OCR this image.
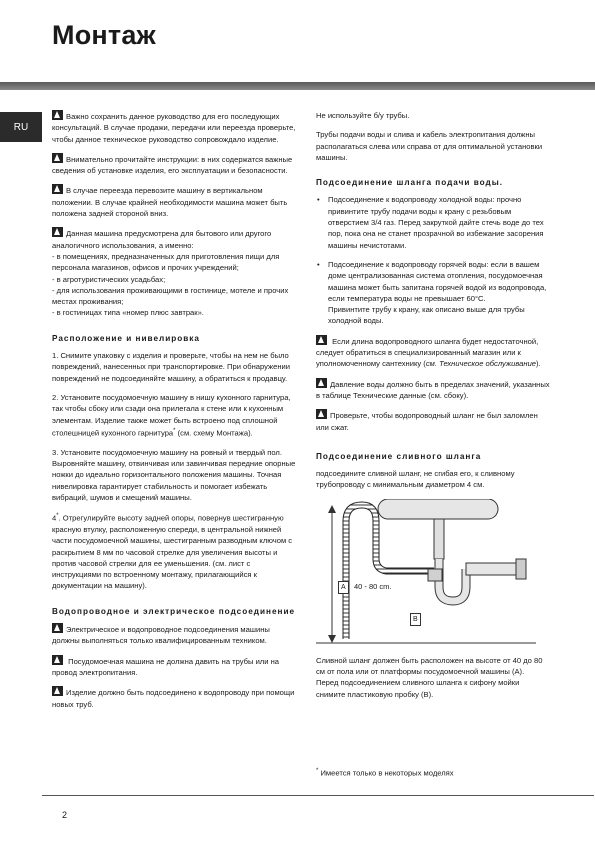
Монтаж
RU

Важно сохранить данное руководство для его последующих консультаций. В случае продажи, передачи или переезда проверьте, чтобы данное техническое руководство сопровождало изделие.

Внимательно прочитайте инструкции: в них содержатся важные сведения об установке изделия, его эксплуатации и безопасности.

В случае переезда перевозите машину в вертикальном положении. В случае крайней необходимости машина может быть положена задней стороной вниз.

Данная машина предусмотрена для бытового или другого аналогичного использования, а именно:
- в помещениях, предназначенных для приготовления пищи для персонала магазинов, офисов и прочих учреждений;
- в агротуристических усадьбах;
- для использования проживающими в гостинице, мотеле и прочих местах проживания;
- в гостиницах типа «номер плюс завтрак».

Расположение и нивелировка

1. Снимите упаковку с изделия и проверьте, чтобы на нем не было повреждений, нанесенных при транспортировке. При обнаружении повреждений не подсоединяйте машину, а обратиться к продавцу.

2. Установите посудомоечную машину в нишу кухонного гарнитура, так чтобы сбоку или сзади она прилегала к стене или к кухонным элементам. Изделие также может быть встроено под сплошной столешницей кухонного гарнитура* (см. схему Монтажа).

3. Установите посудомоечную машину на ровный и твердый пол. Выровняйте машину, отвинчивая или завинчивая передние опорные ножки до идеально горизонтального положения машины. Точная нивелировка гарантирует стабильность и помогает избежать вибраций, шумов и смещений машины.

4*. Отрегулируйте высоту задней опоры, повернув шестигранную красную втулку, расположенную спереди, в центральной нижней части посудомоечной машины, шестигранным разводным ключом с раскрытием 8 мм по часовой стрелке для увеличения высоты и против часовой стрелки для ее уменьшения. (см. лист с инструкциями по встроенному монтажу, прилагающийся к документации на машину).

Водопроводное и электрическое подсоединение

Электрическое и водопроводное подсоединения машины должны выполняться только квалифицированным техником.

Посудомоечная машина не должна давить на трубы или на провод электропитания.

Изделие должно быть подсоединено к водопроводу при помощи новых труб.

Не используйте б/у трубы.

Трубы подачи воды и слива и кабель электропитания должны располагаться слева или справа от для оптимальной установки машины.

Подсоединение шланга подачи воды.
• Подсоединение к водопроводу холодной воды: прочно привинтите трубу подачи воды к крану с резьбовым отверстием 3/4 газ. Перед закруткой дайте стечь воде до тех пор, пока она не станет прозрачной во избежание засорения машины нечистотами.
• Подсоединение к водопроводу горячей воды: если в вашем доме централизованная система отопления, посудомоечная машина может быть запитана горячей водой из водопровода, если температура воды не превышает 60°С.
Привинтите трубу к крану, как описано выше для трубы холодной воды.

Если длина водопроводного шланга будет недостаточной, следует обратиться в специализированный магазин или к уполномоченному сантехнику (см. Техническое обслуживание).

Давление воды должно быть в пределах значений, указанных в таблице Технические данные (см. сбоку).

Проверьте, чтобы водопроводный шланг не был заломлен или сжат.

Подсоединение сливного шланга

подсоедините сливной шланг, не сгибая его, к сливному трубопроводу с минимальным диаметром 4 см.

A	40 - 80 cm.
B

Сливной шланг должен быть расположен на высоте от 40 до 80 см от пола или от платформы посудомоечной машины (А).

Перед подсоединением сливного шланга к сифону мойки снимите пластиковую пробку (В).

* Имеется только в некоторых моделях
2
